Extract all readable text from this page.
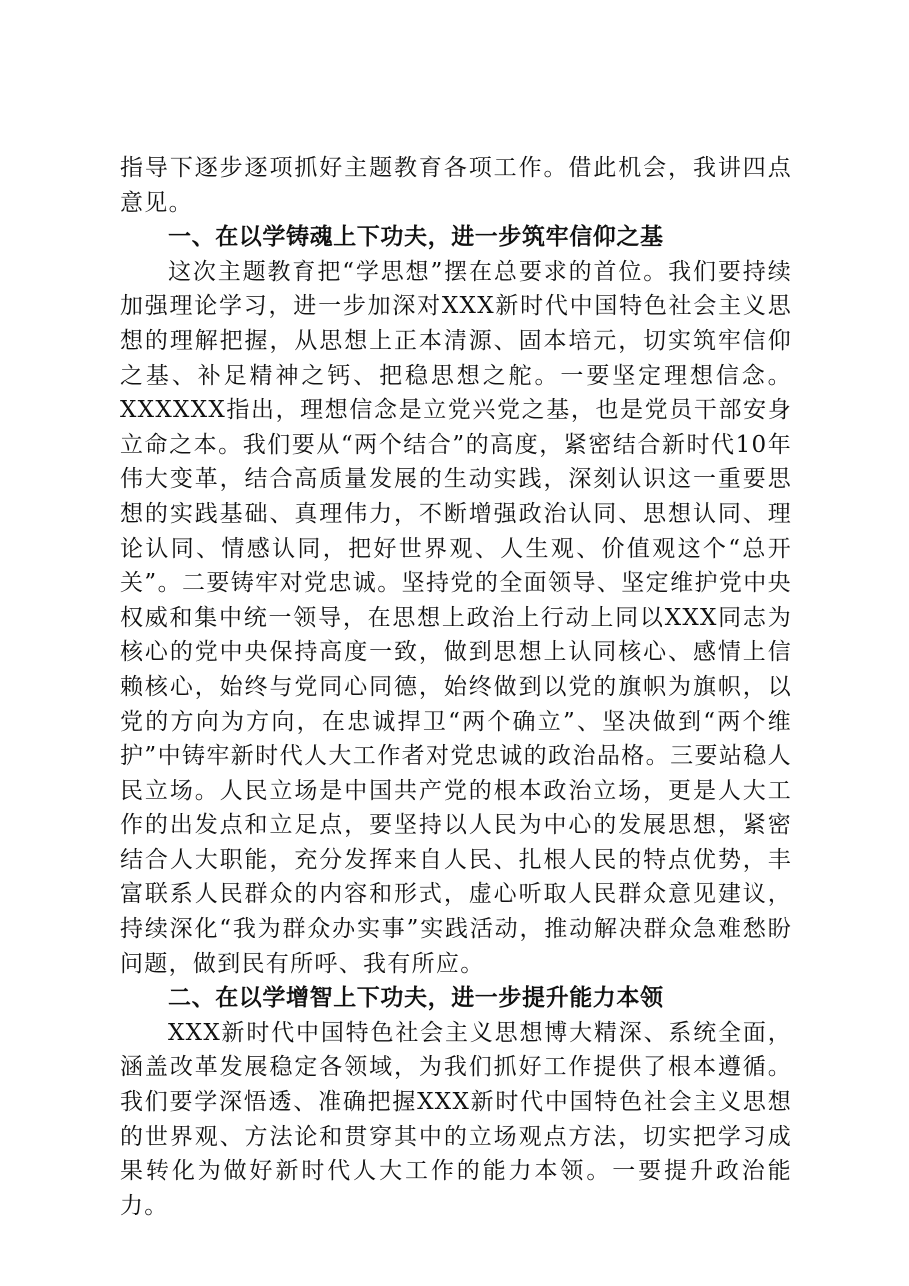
指导下逐步逐项抓好主题教育各项工作。借此机会，我讲四点意见。

一、在以学铸魂上下功夫，进一步筑牢信仰之基

这次主题教育把“学思想”摆在总要求的首位。我们要持续加强理论学习，进一步加深对XXX新时代中国特色社会主义思想的理解把握，从思想上正本清源、固本培元，切实筑牢信仰之基、补足精神之钙、把稳思想之舵。一要坚定理想信念。XXXXXX指出，理想信念是立党兴党之基，也是党员干部安身立命之本。我们要从“两个结合”的高度，紧密结合新时代10年伟大变革，结合高质量发展的生动实践，深刻认识这一重要思想的实践基础、真理伟力，不断增强政治认同、思想认同、理论认同、情感认同，把好世界观、人生观、价值观这个“总开关”。二要铸牢对党忠诚。坚持党的全面领导、坚定维护党中央权威和集中统一领导，在思想上政治上行动上同以XXX同志为核心的党中央保持高度一致，做到思想上认同核心、感情上信赖核心，始终与党同心同德，始终做到以党的旗帜为旗帜，以党的方向为方向，在忠诚捍卫“两个确立”、坚决做到“两个维护”中铸牢新时代人大工作者对党忠诚的政治品格。三要站稳人民立场。人民立场是中国共产党的根本政治立场，更是人大工作的出发点和立足点，要坚持以人民为中心的发展思想，紧密结合人大职能，充分发挥来自人民、扎根人民的特点优势，丰富联系人民群众的内容和形式，虚心听取人民群众意见建议，持续深化“我为群众办实事”实践活动，推动解决群众急难愁盼问题，做到民有所呼、我有所应。

二、在以学增智上下功夫，进一步提升能力本领

XXX新时代中国特色社会主义思想博大精深、系统全面，涵盖改革发展稳定各领域，为我们抓好工作提供了根本遵循。我们要学深悟透、准确把握XXX新时代中国特色社会主义思想的世界观、方法论和贯穿其中的立场观点方法，切实把学习成果转化为做好新时代人大工作的能力本领。一要提升政治能力。
